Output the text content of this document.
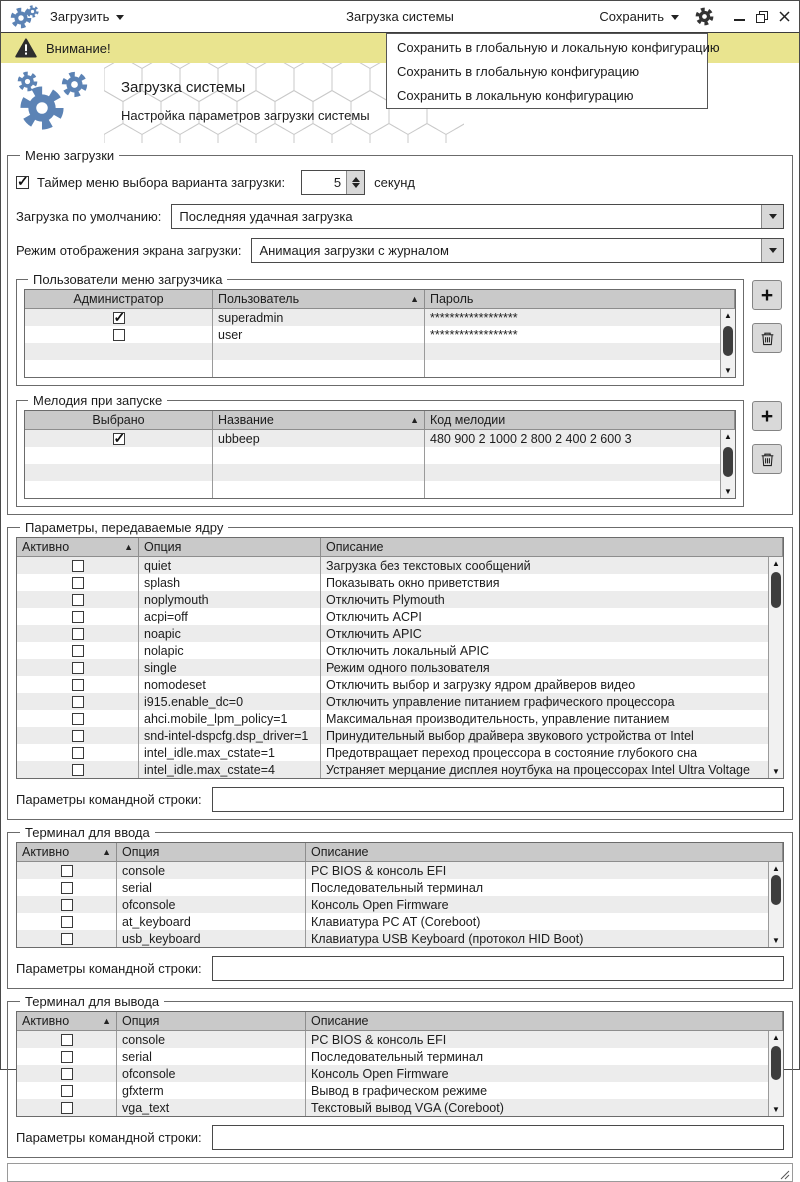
Загрузить	Загрузка системы	Сохранить
Сохранить в глобальную и локальную конфигурацию
Сохранить в глобальную конфигурацию
Сохранить в локальную конфигурацию
Внимание!
Загрузка системы
Настройка параметров загрузки системы
Меню загрузки
✓
Таймер меню выбора варианта загрузки:	5	секунд
Загрузка по умолчанию:	Последняя удачная загрузка
Режим отображения экрана загрузки:	Анимация загрузки с журналом
Пользователи меню загрузчика
Администратор	Пользователь	▲ Пароль
✓
superadmin	******************
user	******************
▲
▼
+
Мелодия при запуске
Выбрано	Название	▲ Код мелодии
✓
ubbeep	480 900 2 1000 2 800 2 400 2 600 3	▲
▼
+
Параметры, передаваемые ядру
Активно	▲ Опция	Описание
quiet	Загрузка без текстовых сообщений
splash	Показывать окно приветствия
noplymouth	Отключить Plymouth
acpi=off	Отключить ACPI
noapic	Отключить APIC
nolapic	Отключить локальный APIC
single	Режим одного пользователя
nomodeset	Отключить выбор и загрузку ядром драйверов видео
i915.enable_dc=0	Отключить управление питанием графического процессора
ahci.mobile_lpm_policy=1	Максимальная производительность, управление питанием
snd-intel-dspcfg.dsp_driver=1 Принудительный выбор драйвера звукового устройства от Intel
intel_idle.max_cstate=1	Предотвращает переход процессора в состояние глубокого сна
intel_idle.max_cstate=4	Устраняет мерцание дисплея ноутбука на процессорах Intel Ultra Voltage
▲
▼
Параметры командной строки:
Терминал для ввода
Активно	▲ Опция	Описание
console	PC BIOS & консоль EFI
serial	Последовательный терминал
ofconsole	Консоль Open Firmware
at_keyboard	Клавиатура PC AT (Coreboot)
usb_keyboard	Клавиатура USB Keyboard (протокол HID Boot)
▲
▼
Параметры командной строки:
Терминал для вывода
Активно	▲ Опция	Описание
console	PC BIOS & консоль EFI
serial	Последовательный терминал
ofconsole	Консоль Open Firmware
gfxterm	Вывод в графическом режиме
vga_text	Текстовый вывод VGA (Coreboot)
▲
▼
Параметры командной строки:
